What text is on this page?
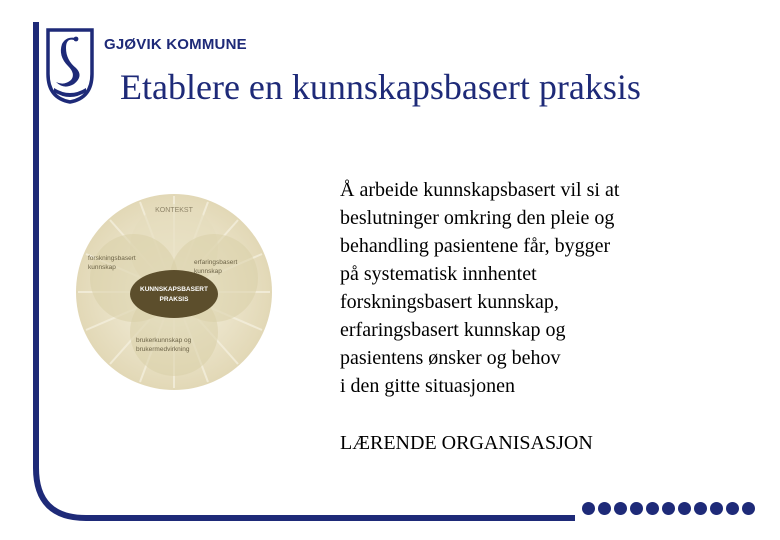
GJØVIK KOMMUNE
Etablere en kunnskapsbasert praksis
KONTEKST
forskningsbasert
kunnskap
erfaringsbasert
kunnskap
KUNNSKAPSBASERT
PRAKSIS
brukerkunnskap og
brukermedvirkning

Å arbeide kunnskapsbasert vil si at

beslutninger omkring den pleie og

behandling pasientene får, bygger

på systematisk innhentet

forskningsbasert kunnskap,

erfaringsbasert kunnskap og

pasientens ønsker og behov

i den gitte situasjonen

LÆRENDE ORGANISASJON
